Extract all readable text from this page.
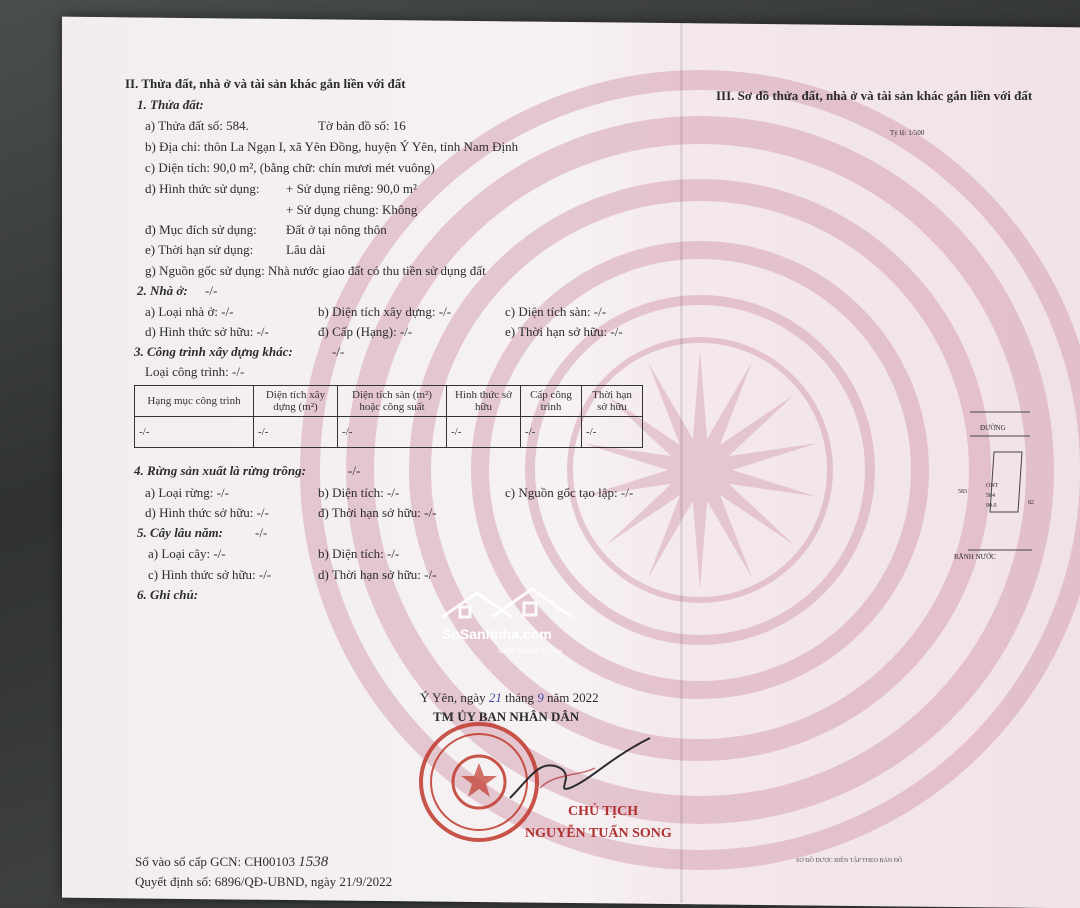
II. Thửa đất, nhà ở và tài sản khác gắn liền với đất
1. Thửa đất:
a) Thửa đất số: 584.	Tờ bản đồ số: 16
b) Địa chỉ: thôn La Ngạn I, xã Yên Đồng, huyện Ý Yên, tỉnh Nam Định
c) Diện tích: 90,0 m², (bằng chữ: chín mươi mét vuông)
d) Hình thức sử dụng: + Sử dụng riêng: 90,0 m²
+ Sử dụng chung: Không
đ) Mục đích sử dụng: Đất ở tại nông thôn
e) Thời hạn sử dụng:	Lâu dài
g) Nguồn gốc sử dụng: Nhà nước giao đất có thu tiền sử dụng đất
2. Nhà ở: -/-
a) Loại nhà ở: -/-	b) Diện tích xây dựng: -/-	c) Diện tích sàn: -/-
d) Hình thức sở hữu: -/-	đ) Cấp (Hạng): -/-	e) Thời hạn sở hữu: -/-
3. Công trình xây dựng khác:	-/-
Loại công trình: -/-
Hạng mục công trình	Diện tích xây dựng (m²)	Diện tích sàn (m²) hoặc công suất	Hình thức sở hữu	Cấp công trình	Thời hạn sở hữu
-/-	-/-	-/-	-/-	-/-	-/-
4. Rừng sản xuất là rừng trồng:	-/-
a) Loại rừng: -/-	b) Diện tích: -/-	c) Nguồn gốc tạo lập: -/-
d) Hình thức sở hữu: -/-	đ) Thời hạn sở hữu: -/-
5. Cây lâu năm: -/-
a) Loại cây: -/-	b) Diện tích: -/-
c) Hình thức sở hữu: -/-	d) Thời hạn sở hữu: -/-
6. Ghi chú:
SoSanhnha.com
Great homes for you
Ý Yên, ngày 21 tháng 9 năm 2022
TM ỦY BAN NHÂN DÂN
CHỦ TỊCH
NGUYỄN TUẤN SONG
Số vào sổ cấp GCN: CH00103 1538
Quyết định số: 6896/QĐ-UBND, ngày 21/9/2022
III. Sơ đồ thửa đất, nhà ở và tài sản khác gắn liền với đất
Tỷ lệ: 1/500
ĐƯỜNG
ONT
584
90.0
583
82
RÃNH NƯỚC
SƠ ĐỒ ĐƯỢC BIÊN TẬP THEO BẢN ĐỒ
